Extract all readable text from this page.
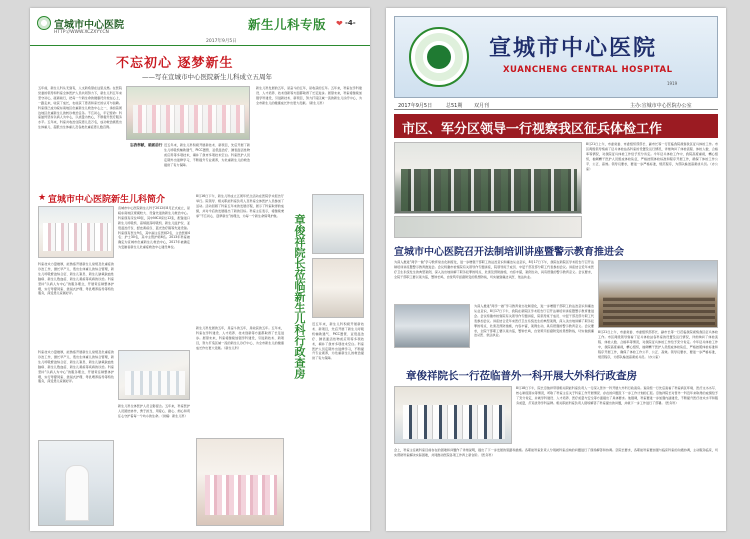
宣城市中心医院
HTTP://WWW.XCZXYY.CN
2017年9月5日
新生儿科专版 ❤ -4-
不忘初心 逐梦新生
——写在宣城市中心医院新生儿科成立五周年
五年前，新生儿科从无到有，人文新希望在这里点燃。在医院党委的领导和科室全体医护人员共同努力下，新生儿科五年来坚守初心，砥砺前行，把每一个新生命的健康托付放在心上，一路走来，收获了成长，也收获了患者和家长的认可与信赖。科室现已成为皖东南地区危重新生儿救治中心之一，承担着周边地区危重新生儿的转诊救治任务。不忘初心，牢记使命：科室始终坚持以病人为中心，以质量为核心，不断提升医疗服务水平。五年来，科室共收治住院患儿近万名，成功救治极低出生体重儿、超低出生体重儿及各类危重症患儿数百例。
忘我奉献，砥砺前行 近五年来，新生儿科积极开展新技术、新项目，先后开展了新生儿呼吸机辅助通气、PICC置管、亚低温治疗、肺表面活性物质应用等多项技术，填补了我市多项技术空白。科室医护人员定期外出进修学习，不断提升专业素养，为危重新生儿的救治提供了有力保障。
新生儿科发展的五年，是奋斗的五年，是收获的五年。五年来，科室在学科建设、人才培养、技术创新等方面都取得了长足进步。展望未来，科室将继续加强学科建设，引进新技术、新项目，努力打造区域一流的新生儿诊疗中心，为全市新生儿的健康成长作出更大贡献。（新生儿科）
★ 宣城市中心医院新生儿科简介
宣城市中心医院新生儿科于2012年8月正式成立，是皖东南地区规模较大、设备先进的新生儿救治中心。科室现有床位40张，其中NICU床位12张，配备进口新生儿呼吸机、高频振荡呼吸机、新生儿监护仪、亚低温治疗仪、经皮黄疸仪、蓝光治疗箱等先进设备。科室现有医生9名，其中副主任医师2名，主治医师4名；护士30名，其中主管护师6名。2013年科室被确定为宣城市危重新生儿救治中心，2017年被确定为安徽省新生儿危重症救治中心建设单位。
科室技术力量雄厚，能熟练开展新生儿常规及危重症的诊治工作，擅长早产儿、低出生体重儿的综合管理，新生儿呼吸窘迫综合征、新生儿窒息、新生儿缺氧缺血性脑病、新生儿败血症、新生儿黄疸等疾病的诊治。科室坚持“以病人为中心”的服务理念，开展责任制整体护理，实行母婴同室、袋鼠式护理、母乳喂养指导等特色服务，深受患儿家属好评。
科室技术力量雄厚，能熟练开展新生儿常规及危重症的诊治工作，擅长早产儿、低出生体重儿的综合管理，新生儿呼吸窘迫综合征、新生儿窒息、新生儿缺氧缺血性脑病、新生儿败血症、新生儿黄疸等疾病的诊治。科室坚持“以病人为中心”的服务理念，开展责任制整体护理，实行母婴同室、袋鼠式护理、母乳喂养指导等特色服务，深受患儿家属好评。
新生儿科全体医护人员合影留念。五年来，科室医护人员团结协作，勇于担当，用爱心、耐心、细心和责任心守护着每一个幼小的生命。（供稿：新生儿科）
8月16日下午，新生儿科成立五周年纪念活动在医院学术报告厅举行。院领导、相关职能科室负责人及科室全体医护人员参加了活动。活动回顾了科室五年来的发展历程，展示了科室取得的成绩，并对今后的发展提出了新的目标。科室主任表示，将继续秉承“不忘初心、逐梦新生”的理念，为每一个新生命保驾护航。
新生儿科发展的五年，是奋斗的五年，是收获的五年。五年来，科室在学科建设、人才培养、技术创新等方面都取得了长足进步。展望未来，科室将继续加强学科建设，引进新技术、新项目，努力打造区域一流的新生儿诊疗中心，为全市新生儿的健康成长作出更大贡献。（新生儿科）	章俊祥院长莅临新生儿科行政查房 近五年来，新生儿科积极开展新技术、新项目，先后开展了新生儿呼吸机辅助通气、PICC置管、亚低温治疗、肺表面活性物质应用等多项技术，填补了我市多项技术空白。科室医护人员定期外出进修学习，不断提升专业素养，为危重新生儿的救治提供了有力保障。
宣城市中心医院
XUANCHENG CENTRAL HOSPITAL
1919
2017年9月5日	总51期 双月刊	主办:宣城市中心医院办公室
市区、军分区领导一行视察我区征兵体检工作
8月21日上午，市委常委、市委组织部部长、副市长等一行莅临我院视察我区征兵体检工作。市区两级领导察看了征兵体检站各科室的设置及运行情况，详细询问了体检流程、体检人数、合格率等情况，对我院征兵体检工作给予充分肯定。今年征兵体检工作中，我院高度重视，精心组织，抽调精干医护人员组成体检队伍，严格按照体检标准和程序开展工作，确保了体检工作公平、公正、高效。领导们要求，要进一步严格标准，规范程序，为部队输送高素质兵员。（办公室）
宣城市中心医院召开法制培训讲座暨警示教育推进会
为深入推进“两学一做”学习教育常态化制度化，进一步增强干部职工的法治意识和廉洁从业意识，8月17日下午，我院在新院区学术报告厅召开法制培训讲座暨警示教育推进会。会议特邀市检察院有关领导作专题讲座，院领导班子成员、中层干部及部分职工代表参加会议。讲座结合近年来医疗卫生系统发生的典型案例，深入浅出地讲解了职务犯罪的特点、危害及预防措施，内容丰富，案例生动，具有很强的警示教育意义。会议要求，全院干部职工要以案为鉴，警钟长鸣，自觉筑牢拒腐防变的思想防线，切实做到廉洁从医、依法执业。
为深入推进“两学一做”学习教育常态化制度化，进一步增强干部职工的法治意识和廉洁从业意识，8月17日下午，我院在新院区学术报告厅召开法制培训讲座暨警示教育推进会。会议特邀市检察院有关领导作专题讲座，院领导班子成员、中层干部及部分职工代表参加会议。讲座结合近年来医疗卫生系统发生的典型案例，深入浅出地讲解了职务犯罪的特点、危害及预防措施，内容丰富，案例生动，具有很强的警示教育意义。会议要求，全院干部职工要以案为鉴，警钟长鸣，自觉筑牢拒腐防变的思想防线，切实做到廉洁从医、依法执业。
8月21日上午，市委常委、市委组织部部长、副市长等一行莅临我院视察我区征兵体检工作。市区两级领导察看了征兵体检站各科室的设置及运行情况，详细询问了体检流程、体检人数、合格率等情况，对我院征兵体检工作给予充分肯定。今年征兵体检工作中，我院高度重视，精心组织，抽调精干医护人员组成体检队伍，严格按照体检标准和程序开展工作，确保了体检工作公平、公正、高效。领导们要求，要进一步严格标准，规范程序，为部队输送高素质兵员。（办公室）
章俊祥院长一行莅临普外一科开展大外科行政查房
8月18日下午，院长章俊祥带领相关职能科室负责人一行深入普外一科开展大外科行政查房。查房组一行先后查看了科室病区环境、医疗文书书写、核心制度落实等情况，听取了科室主任关于科室工作开展情况、存在的问题及下一步工作计划的汇报。章俊祥院长对普外一科近年来取得的成绩给予了充分肯定，并就学科建设、人才培养、医疗质量与安全等方面提出了具体要求。他强调，科室要进一步加强内涵建设，不断提升医疗技术水平和服务质量，打造优势学科品牌。相关职能科室负责人现场解答了科室提出的问题，并就下一步工作进行了部署。（医务科）
会上，科室主任就科室目前存在的困难和问题作了详细说明，提出了下一步发展的思路和措施。各职能科室负责人分别就科室反映的问题进行了现场解答和协调。章院长要求，各职能科室要加强与临床科室的沟通协调，主动服务临床，切实帮助科室解决实际困难，共同推动医院各项工作再上新台阶。（医务科）
